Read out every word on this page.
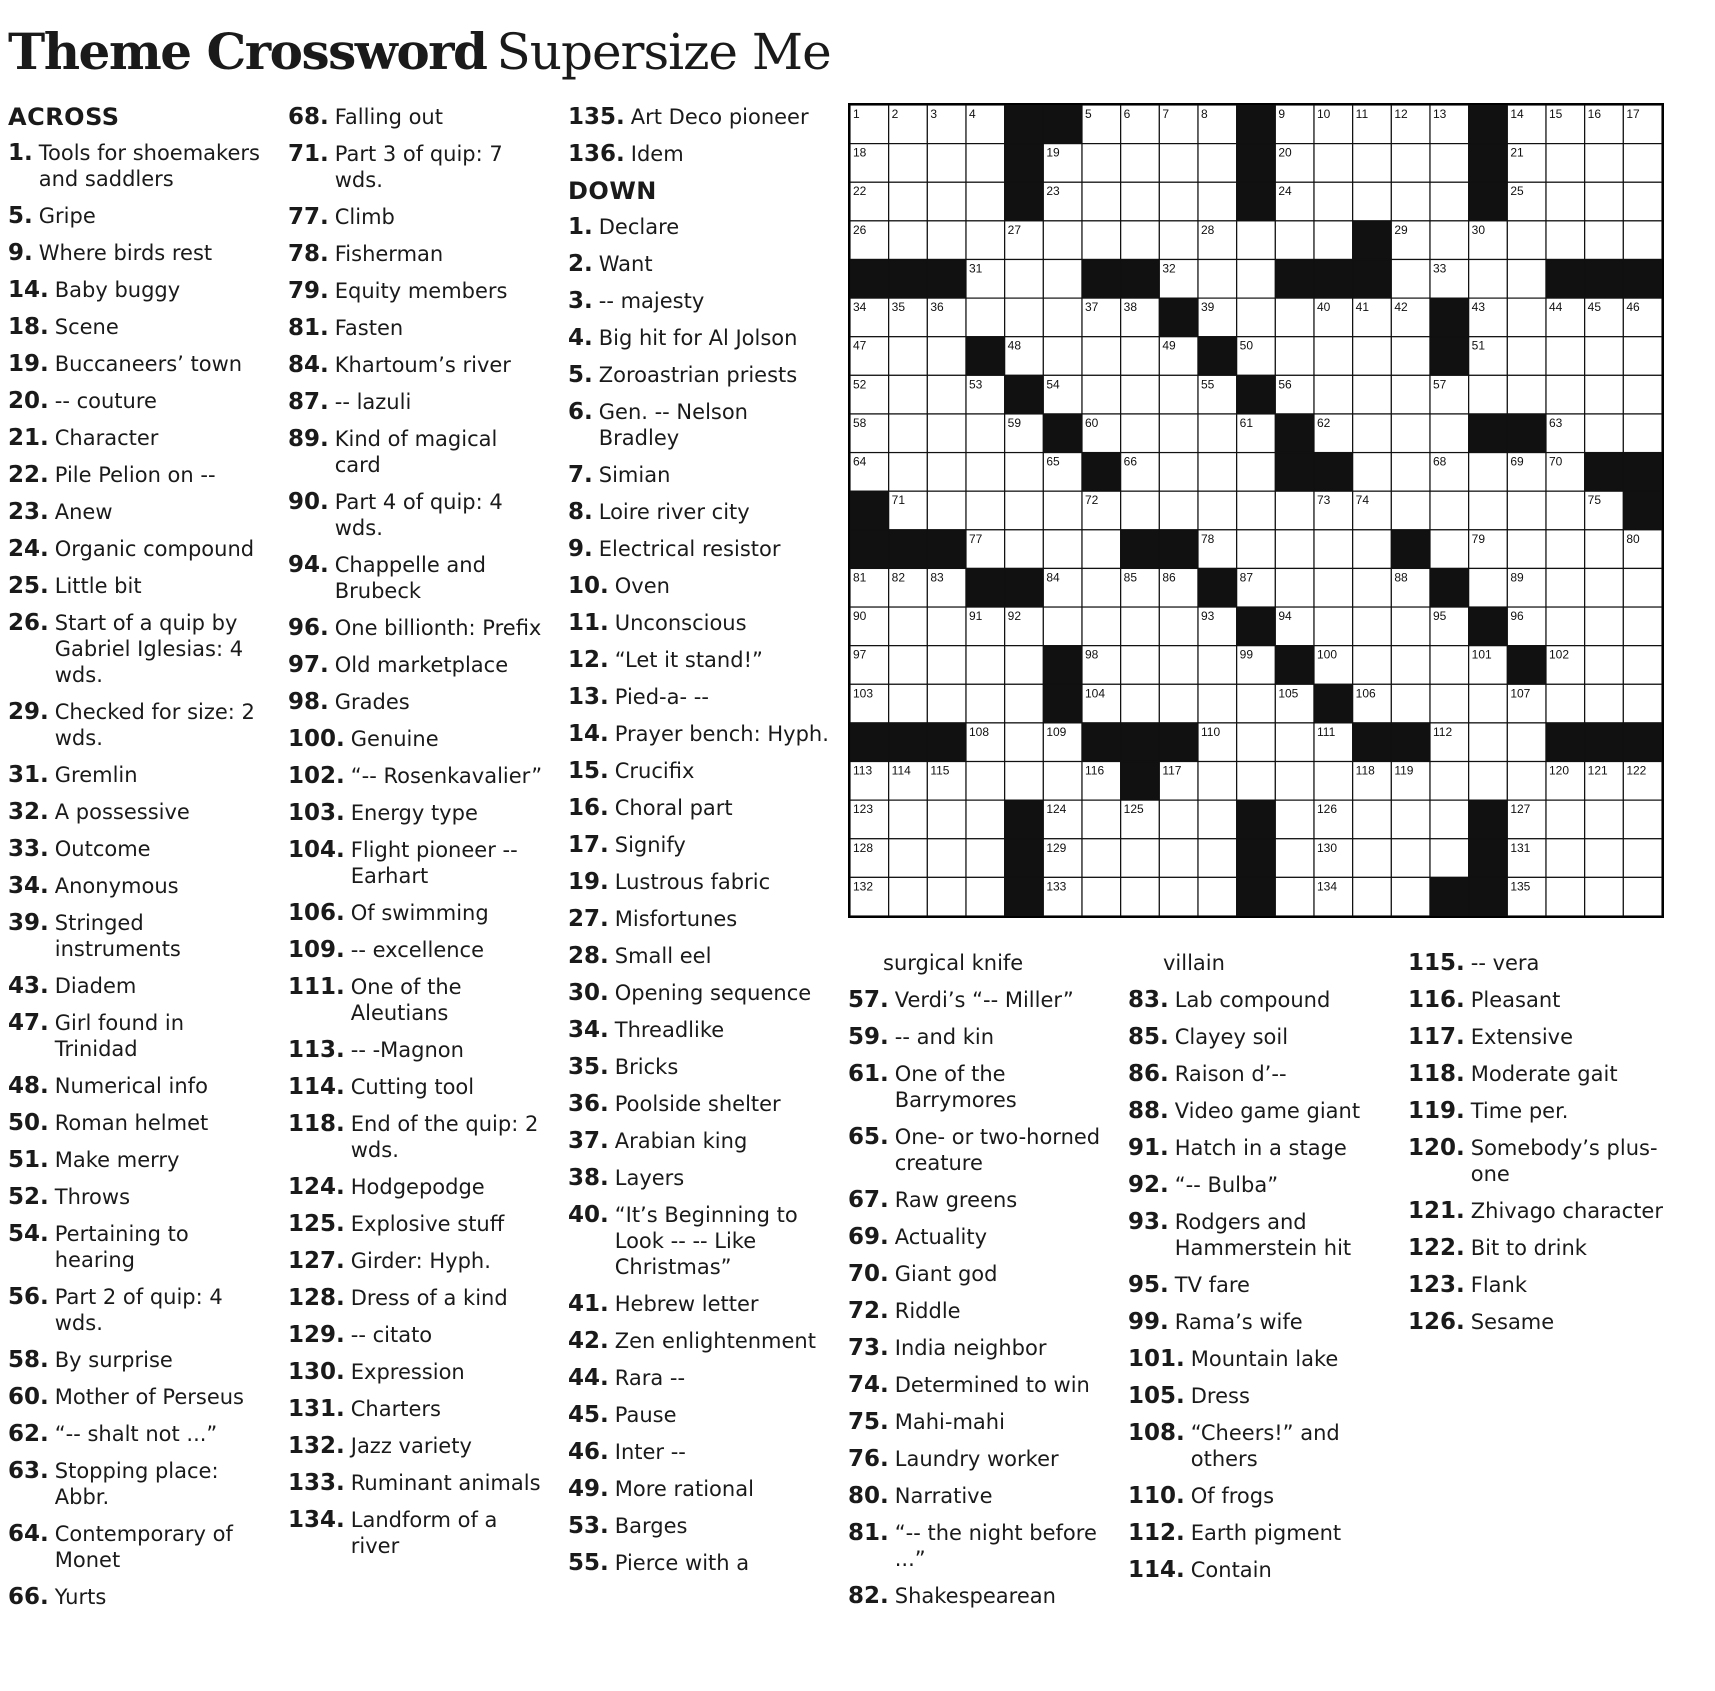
Theme Crossword Supersize Me
ACROSS
1. Tools for shoemakers and saddlers
5. Gripe
9. Where birds rest
14. Baby buggy
18. Scene
19. Buccaneers’ town
20. -- couture
21. Character
22. Pile Pelion on --
23. Anew
24. Organic compound
25. Little bit
26. Start of a quip by Gabriel Iglesias: 4 wds.
29. Checked for size: 2 wds.
31. Gremlin
32. A possessive
33. Outcome
34. Anonymous
39. Stringed instruments
43. Diadem
47. Girl found in Trinidad
48. Numerical info
50. Roman helmet
51. Make merry
52. Throws
54. Pertaining to hearing
56. Part 2 of quip: 4 wds.
58. By surprise
60. Mother of Perseus
62. “-- shalt not ...”
63. Stopping place: Abbr.
64. Contemporary of Monet
66. Yurts
68. Falling out
71. Part 3 of quip: 7 wds.
77. Climb
78. Fisherman
79. Equity members
81. Fasten
84. Khartoum’s river
87. -- lazuli
89. Kind of magical card
90. Part 4 of quip: 4 wds.
94. Chappelle and Brubeck
96. One billionth: Prefix
97. Old marketplace
98. Grades
100. Genuine
102. “-- Rosenkavalier”
103. Energy type
104. Flight pioneer -- Earhart
106. Of swimming
109. -- excellence
111. One of the Aleutians
113. -- -Magnon
114. Cutting tool
118. End of the quip: 2 wds.
124. Hodgepodge
125. Explosive stuff
127. Girder: Hyph.
128. Dress of a kind
129. -- citato
130. Expression
131. Charters
132. Jazz variety
133. Ruminant animals
134. Landform of a river
135. Art Deco pioneer
136. Idem
DOWN
1. Declare
2. Want
3. -- majesty
4. Big hit for Al Jolson
5. Zoroastrian priests
6. Gen. -- Nelson Bradley
7. Simian
8. Loire river city
9. Electrical resistor
10. Oven
11. Unconscious
12. “Let it stand!”
13. Pied-a- --
14. Prayer bench: Hyph.
15. Crucifix
16. Choral part
17. Signify
19. Lustrous fabric
27. Misfortunes
28. Small eel
30. Opening sequence
34. Threadlike
35. Bricks
36. Poolside shelter
37. Arabian king
38. Layers
40. “It’s Beginning to Look -- -- Like Christmas”
41. Hebrew letter
42. Zen enlightenment
44. Rara --
45. Pause
46. Inter --
49. More rational
53. Barges
55. Pierce with a
surgical knife
57. Verdi’s “-- Miller”
59. -- and kin
61. One of the Barrymores
65. One- or two-horned creature
67. Raw greens
69. Actuality
70. Giant god
72. Riddle
73. India neighbor
74. Determined to win
75. Mahi-mahi
76. Laundry worker
80. Narrative
81. “-- the night before ...”
82. Shakespearean
villain
83. Lab compound
85. Clayey soil
86. Raison d’--
88. Video game giant
91. Hatch in a stage
92. “-- Bulba”
93. Rodgers and Hammerstein hit
95. TV fare
99. Rama’s wife
101. Mountain lake
105. Dress
108. “Cheers!” and others
110. Of frogs
112. Earth pigment
114. Contain
115. -- vera
116. Pleasant
117. Extensive
118. Moderate gait
119. Time per.
120. Somebody’s plus-one
121. Zhivago character
122. Bit to drink
123. Flank
126. Sesame
1	2	3	4	5	6	7	8	9	10 11 12 13	14 15 16 17
18	19	20	21
22	23	24	25
26	27	28	29	30
31	32	33
34 35 36	37 38	39	40 41 42	43	44 45 46
47	48	49	50	51
52	53	54	55	56	57
58	59	60	61	62	63
64	65	66	68	69 70
71	72	73 74	75
77	78	79	80
81 82 83	84	85 86	87	88	89
90	91 92	93	94	95	96
97	98	99	100	101	102
103	104	105	106	107
108	109	110	111	112
113 114 115	116	117	118 119	120 121 122
123	124	125	126	127
128	129	130	131
132	133	134	135
